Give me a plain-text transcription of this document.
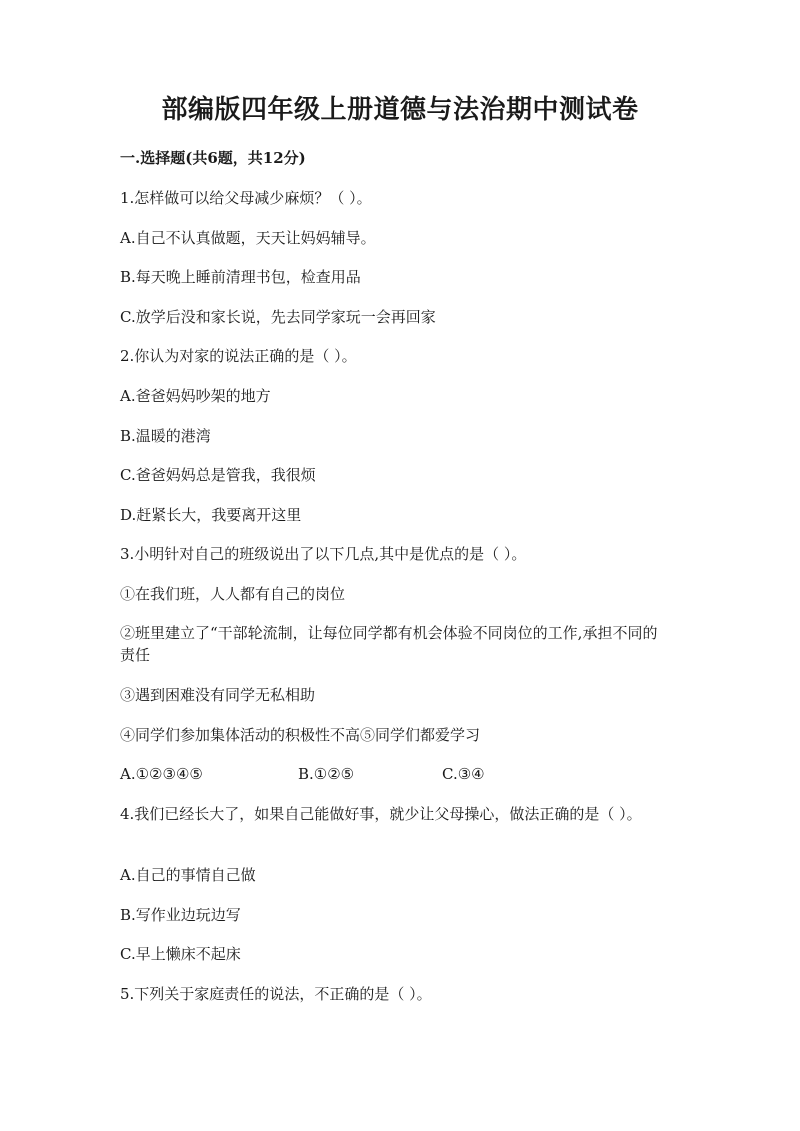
部编版四年级上册道德与法治期中测试卷
一.选择题(共6题，共12分)
1.怎样做可以给父母减少麻烦？（ ）。
A.自己不认真做题，天天让妈妈辅导。
B.每天晚上睡前清理书包，检查用品
C.放学后没和家长说，先去同学家玩一会再回家
2.你认为对家的说法正确的是（ ）。
A.爸爸妈妈吵架的地方
B.温暖的港湾
C.爸爸妈妈总是管我，我很烦
D.赶紧长大，我要离开这里
3.小明针对自己的班级说出了以下几点,其中是优点的是（ ）。
①在我们班，人人都有自己的岗位
②班里建立了“干部轮流制，让每位同学都有机会体验不同岗位的工作,承担不同的责任
③遇到困难没有同学无私相助
④同学们参加集体活动的积极性不高⑤同学们都爱学习
A.①②③④⑤	B.①②⑤	C.③④
4.我们已经长大了，如果自己能做好事，就少让父母操心，做法正确的是（ ）。
A.自己的事情自己做
B.写作业边玩边写
C.早上懒床不起床
5.下列关于家庭责任的说法，不正确的是（ ）。
